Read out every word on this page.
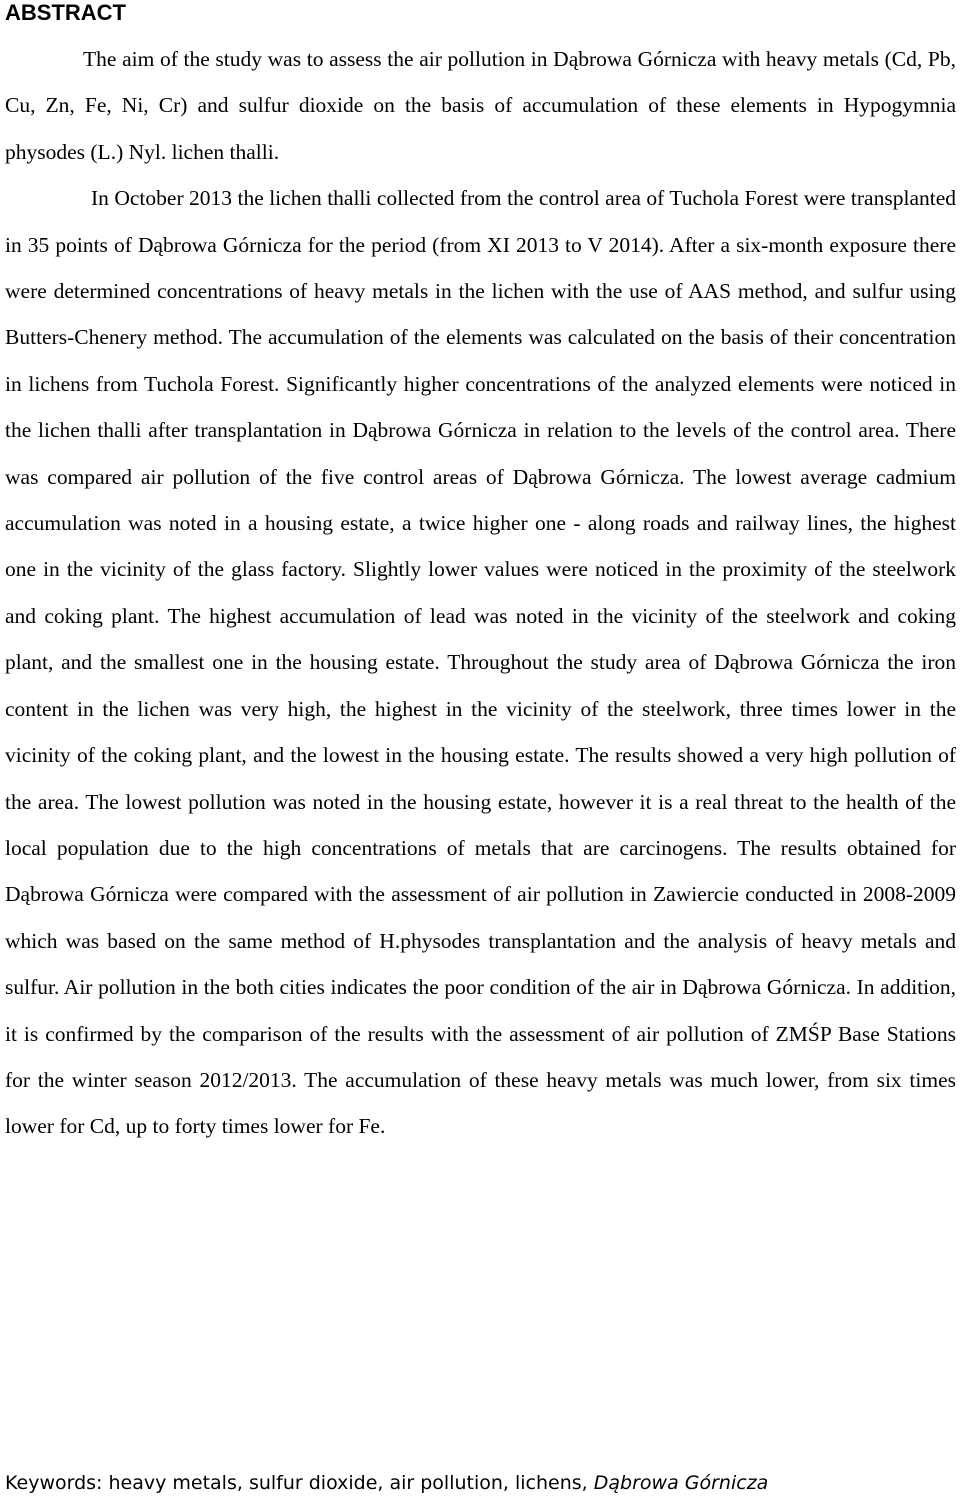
ABSTRACT

The aim of the study was to assess the air pollution in Dąbrowa Górnicza with heavy metals (Cd, Pb, Cu, Zn, Fe, Ni, Cr) and sulfur dioxide on the basis of accumulation of these elements in Hypogymnia physodes (L.) Nyl. lichen thalli.

In October 2013 the lichen thalli collected from the control area of Tuchola Forest were transplanted in 35 points of Dąbrowa Górnicza for the period (from XI 2013 to V 2014). After a six-month exposure there were determined concentrations of heavy metals in the lichen with the use of AAS method, and sulfur using Butters-Chenery method. The accumulation of the elements was calculated on the basis of their concentration in lichens from Tuchola Forest. Significantly higher concentrations of the analyzed elements were noticed in the lichen thalli after transplantation in Dąbrowa Górnicza in relation to the levels of the control area. There was compared air pollution of the five control areas of Dąbrowa Górnicza. The lowest average cadmium accumulation was noted in a housing estate, a twice higher one - along roads and railway lines, the highest one in the vicinity of the glass factory. Slightly lower values were noticed in the proximity of the steelwork and coking plant. The highest accumulation of lead was noted in the vicinity of the steelwork and coking plant, and the smallest one in the housing estate. Throughout the study area of Dąbrowa Górnicza the iron content in the lichen was very high, the highest in the vicinity of the steelwork, three times lower in the vicinity of the coking plant, and the lowest in the housing estate. The results showed a very high pollution of the area. The lowest pollution was noted in the housing estate, however it is a real threat to the health of the local population due to the high concentrations of metals that are carcinogens. The results obtained for Dąbrowa Górnicza were compared with the assessment of air pollution in Zawiercie conducted in 2008-2009 which was based on the same method of H.physodes transplantation and the analysis of heavy metals and sulfur. Air pollution in the both cities indicates the poor condition of the air in Dąbrowa Górnicza. In addition, it is confirmed by the comparison of the results with the assessment of air pollution of ZMŚP Base Stations for the winter season 2012/2013. The accumulation of these heavy metals was much lower, from six times lower for Cd, up to forty times lower for Fe.

Keywords: heavy metals, sulfur dioxide, air pollution, lichens, Dąbrowa Górnicza
